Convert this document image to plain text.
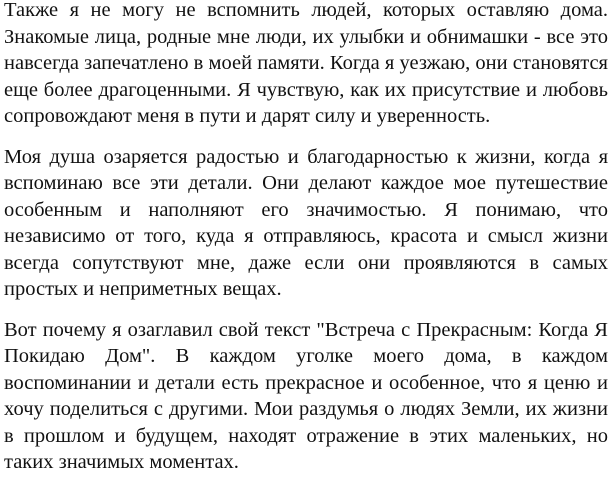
Также я не могу не вспомнить людей, которых оставляю дома. Знакомые лица, родные мне люди, их улыбки и обнимашки - все это навсегда запечатлено в моей памяти. Когда я уезжаю, они становятся еще более драгоценными. Я чувствую, как их присутствие и любовь сопровождают меня в пути и дарят силу и уверенность.

Моя душа озаряется радостью и благодарностью к жизни, когда я вспоминаю все эти детали. Они делают каждое мое путешествие особенным и наполняют его значимостью. Я понимаю, что независимо от того, куда я отправляюсь, красота и смысл жизни всегда сопутствуют мне, даже если они проявляются в самых простых и неприметных вещах.

Вот почему я озаглавил свой текст "Встреча с Прекрасным: Когда Я Покидаю Дом". В каждом уголке моего дома, в каждом воспоминании и детали есть прекрасное и особенное, что я ценю и хочу поделиться с другими. Мои раздумья о людях Земли, их жизни в прошлом и будущем, находят отражение в этих маленьких, но таких значимых моментах.
